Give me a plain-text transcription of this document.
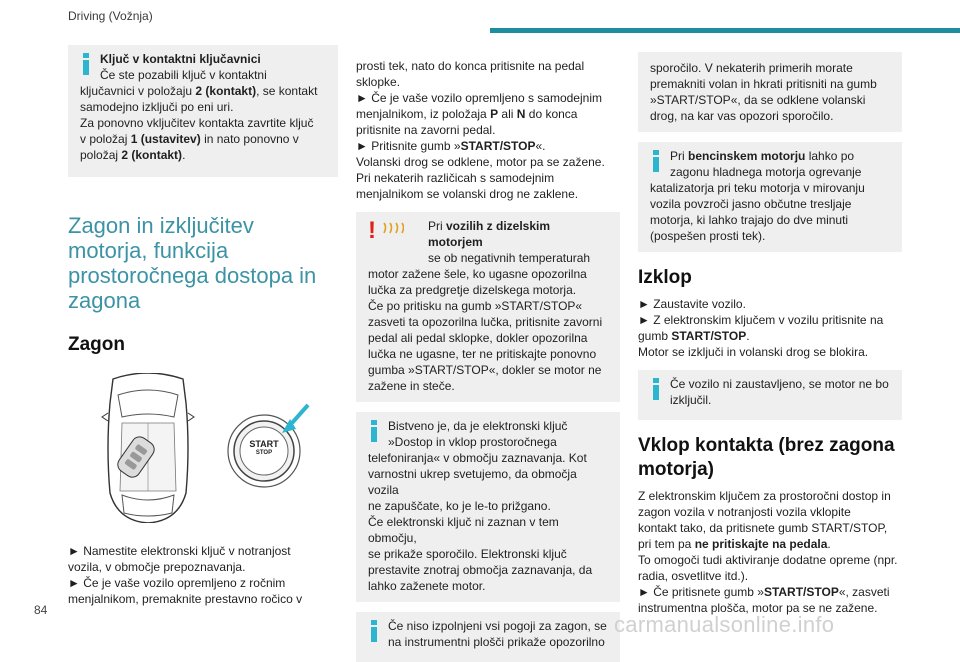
Driving (Vožnja)

Ključ v kontaktni ključavnici

Če ste pozabili ključ v kontaktni

ključavnici v položaju 2 (kontakt), se kontakt

samodejno izključi po eni uri.

Za ponovno vključitev kontakta zavrtite ključ

v položaj 1 (ustavitev) in nato ponovno v

položaj 2 (kontakt).

Zagon in izključitev
motorja, funkcija
prostoročnega dostopa in
zagona
Zagon
START
STOP

► Namestite elektronski ključ v notranjost

vozila, v območje prepoznavanja.

► Če je vaše vozilo opremljeno z ročnim

menjalnikom, premaknite prestavno ročico v

prosti tek, nato do konca pritisnite na pedal

sklopke.

► Če je vaše vozilo opremljeno s samodejnim

menjalnikom, iz položaja P ali N do konca

pritisnite na zavorni pedal.

► Pritisnite gumb »START/STOP«.

Volanski drog se odklene, motor pa se zažene.

Pri nekaterih različicah s samodejnim

menjalnikom se volanski drog ne zaklene.

!	Pri vozilih z dizelskim motorjem

se ob negativnih temperaturah

motor zažene šele, ko ugasne opozorilna

lučka za predgretje dizelskega motorja.

Če po pritisku na gumb »START/STOP«

zasveti ta opozorilna lučka, pritisnite zavorni

pedal ali pedal sklopke, dokler opozorilna

lučka ne ugasne, ter ne pritiskajte ponovno

gumba »START/STOP«, dokler se motor ne

zažene in steče.

Bistveno je, da je elektronski ključ

»Dostop in vklop prostoročnega

telefoniranja« v območju zaznavanja. Kot

varnostni ukrep svetujemo, da območja vozila

ne zapuščate, ko je le-to prižgano.

Če elektronski ključ ni zaznan v tem območju,

se prikaže sporočilo. Elektronski ključ

prestavite znotraj območja zaznavanja, da

lahko zaženete motor.

Če niso izpolnjeni vsi pogoji za zagon, se

na instrumentni plošči prikaže opozorilno

sporočilo. V nekaterih primerih morate

premakniti volan in hkrati pritisniti na gumb

»START/STOP«, da se odklene volanski

drog, na kar vas opozori sporočilo.

Pri bencinskem motorju lahko po

zagonu hladnega motorja ogrevanje

katalizatorja pri teku motorja v mirovanju

vozila povzroči jasno občutne tresljaje

motorja, ki lahko trajajo do dve minuti

(pospešen prosti tek).

Izklop

► Zaustavite vozilo.

► Z elektronskim ključem v vozilu pritisnite na

gumb START/STOP.

Motor se izključi in volanski drog se blokira.

Če vozilo ni zaustavljeno, se motor ne bo

izključil.

Vklop kontakta (brez zagona
motorja)

Z elektronskim ključem za prostoročni dostop in

zagon vozila v notranjosti vozila vklopite

kontakt tako, da pritisnete gumb START/STOP,

pri tem pa ne pritiskajte na pedala.

To omogoči tudi aktiviranje dodatne opreme (npr.

radia, osvetlitve itd.).

► Če pritisnete gumb »START/STOP«, zasveti

instrumentna plošča, motor pa se ne zažene.

84
carmanualsonline.info
